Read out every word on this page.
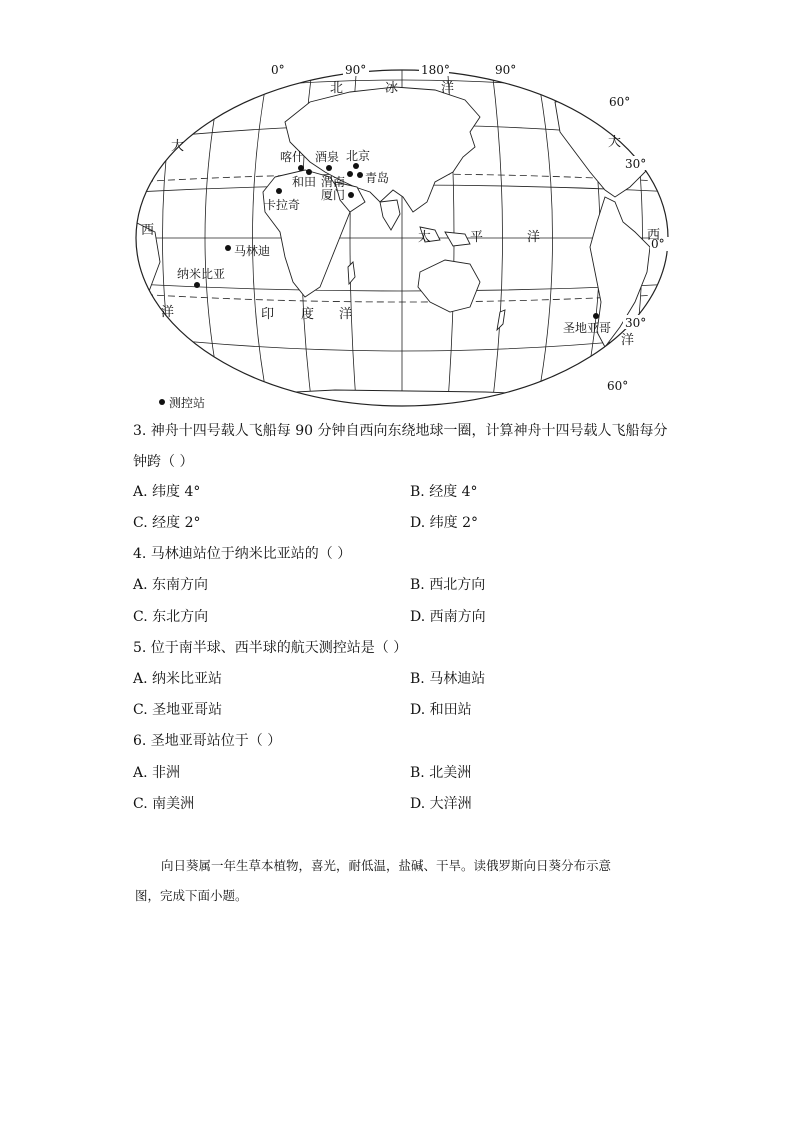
0°	90°	180°	90°
60°
30°
0°
30°
60°
北	冰	洋
大
西
洋
太	平	洋
印 度 洋
大
西
洋
喀什 酒泉 北京
和田 渭南 青岛
厦门
卡拉奇
马林迪
纳米比亚
圣地亚哥
测控站
3. 神舟十四号载人飞船每 90 分钟自西向东绕地球一圈，计算神舟十四号载人飞船每分
钟跨（ ）
A. 纬度 4°	B. 经度 4°
C. 经度 2°	D. 纬度 2°
4. 马林迪站位于纳米比亚站的（ ）
A. 东南方向	B. 西北方向
C. 东北方向	D. 西南方向
5. 位于南半球、西半球的航天测控站是（ ）
A. 纳米比亚站	B. 马林迪站
C. 圣地亚哥站	D. 和田站
6. 圣地亚哥站位于（ ）
A. 非洲	B. 北美洲
C. 南美洲	D. 大洋洲
向日葵属一年生草本植物，喜光，耐低温，盐碱、干旱。读俄罗斯向日葵分布示意
图，完成下面小题。
